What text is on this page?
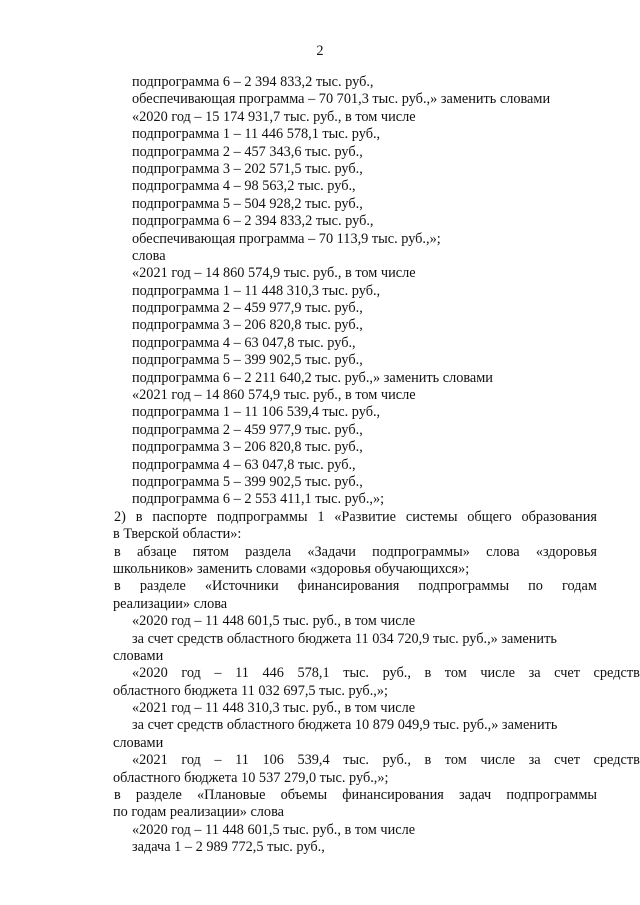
2
подпрограмма 6 – 2 394 833,2 тыс. руб.,
обеспечивающая программа – 70 701,3 тыс. руб.,» заменить словами
«2020 год – 15 174 931,7 тыс. руб., в том числе
подпрограмма 1 – 11 446 578,1 тыс. руб.,
подпрограмма 2 – 457 343,6 тыс. руб.,
подпрограмма 3 – 202 571,5 тыс. руб.,
подпрограмма 4 – 98 563,2 тыс. руб.,
подпрограмма 5 – 504 928,2 тыс. руб.,
подпрограмма 6 – 2 394 833,2 тыс. руб.,
обеспечивающая программа – 70 113,9 тыс. руб.,»;
слова
«2021 год – 14 860 574,9 тыс. руб., в том числе
подпрограмма 1 – 11 448 310,3 тыс. руб.,
подпрограмма 2 – 459 977,9 тыс. руб.,
подпрограмма 3 – 206 820,8 тыс. руб.,
подпрограмма 4 – 63 047,8 тыс. руб.,
подпрограмма 5 – 399 902,5 тыс. руб.,
подпрограмма 6 – 2 211 640,2 тыс. руб.,» заменить словами
«2021 год – 14 860 574,9 тыс. руб., в том числе
подпрограмма 1 – 11 106 539,4 тыс. руб.,
подпрограмма 2 – 459 977,9 тыс. руб.,
подпрограмма 3 – 206 820,8 тыс. руб.,
подпрограмма 4 – 63 047,8 тыс. руб.,
подпрограмма 5 – 399 902,5 тыс. руб.,
подпрограмма 6 – 2 553 411,1 тыс. руб.,»;
2) в паспорте подпрограммы 1 «Развитие системы общего образования
в Тверской области»:
в абзаце пятом раздела «Задачи подпрограммы» слова «здоровья
школьников» заменить словами «здоровья обучающихся»;
в разделе «Источники финансирования подпрограммы по годам
реализации» слова
«2020 год – 11 448 601,5 тыс. руб., в том числе
за счет средств областного бюджета 11 034 720,9 тыс. руб.,» заменить
словами
«2020 год – 11 446 578,1 тыс. руб., в том числе за счет средств
областного бюджета 11 032 697,5 тыс. руб.,»;
«2021 год – 11 448 310,3 тыс. руб., в том числе
за счет средств областного бюджета 10 879 049,9 тыс. руб.,» заменить
словами
«2021 год – 11 106 539,4 тыс. руб., в том числе за счет средств
областного бюджета 10 537 279,0 тыс. руб.,»;
в разделе «Плановые объемы финансирования задач подпрограммы
по годам реализации» слова
«2020 год – 11 448 601,5 тыс. руб., в том числе
задача 1 – 2 989 772,5 тыс. руб.,
